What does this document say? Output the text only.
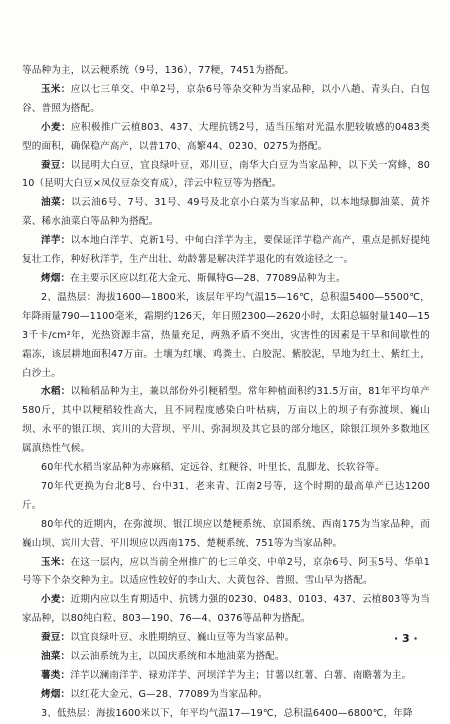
等品种为主，以云粳系统（9号，136），77粳，7451为搭配。

玉米：应以七三单交、中单2号，京杂6号等杂交种为当家品种，以小八趟、青头白、白包谷、普照为搭配。

小麦：应积极推广云植803、437、大理抗锈2号，适当压缩对光温水肥较敏感的0483类型的面积，确保稳产高产，以普170、高繁44、0230、0275为搭配。

蚕豆：以昆明大白豆，宜良绿叶豆，邓川豆，南华大白豆为当家品种，以下关一窝蜂，8010（昆明大白豆×凤仪豆杂交育成），洋云中粒豆等为搭配。

油菜：以云油6号、7号、31号、49号及北京小白菜为当家品种，以本地绿脚油菜、黄芥菜、稀水油菜白等品种为搭配。

洋芋：以本地白洋芋、克新1号、中甸白洋芋为主，要保证洋芋稳产高产，重点是抓好提纯复壮工作，种好秋洋芋，生产出壮、幼龄薯是解决洋芋退化的有效途径之一。

烤烟：在主要示区应以红花大金元、斯佩特G—28、77089品种为主。

2、温热层：海拔1600—1800米，该层年平均气温15—16℃，总积温5400—5500℃，年降雨量790—1100毫米，霜期约126天，年日照2300—2620小时，太阳总辐射量140—153千卡/cm²年，光热资源丰富，热量充足，两熟矛盾不突出，灾害性的因素是干旱和间歇性的霜冻，该层耕地面积47万亩。土壤为红壤、鸡粪土、白胶泥、紫胶泥，旱地为红土、紫红土，白沙土。

水稻：以籼稻品种为主，兼以部份外引粳稻型。常年种植面积约31.5万亩，81年平均单产580斤，其中以粳稻较性高大，且不同程度感染白叶枯病，万亩以上的坝子有弥渡坝、巍山坝、永平的银江坝、宾川的大营坝、平川、弥洞坝及其它县的部分地区，除银江坝外多数地区属滇热性气候。

60年代水稻当家品种为赤麻稻、定远谷、红粳谷、叶里长、乱脚龙、长软谷等。

70年代更换为台北8号、台中31、老来青、江南2号等，这个时期的最高单产已达1200斤。

80年代的近期内，在弥渡坝、银江坝应以楚粳系统、京国系统、西南175为当家品种，而巍山坝、宾川大营、平川坝应以西南175、楚粳系统、751等为当家品种。

玉米：在这一层内，应以当前全州推广的七三单交、中单2号，京杂6号、阿玉5号、华单1号等下个杂交种为主。以适应性较好的李山大、大黄包谷、普照、雪山早为搭配。

小麦：近期内应以生育期适中、抗锈力强的0230、0483、0103、437、云植803等为当家品种，以80纯白粒、803—190、76—4、0376等品种为搭配。

蚕豆：以宜良绿叶豆、永胜期纳豆、巍山豆等为当家品种。

油菜：以云油系统为主，以国庆系统和本地油菜为搭配。

薯类：洋芋以澜南洋芋、禄劝洋芋、河坝洋芋为主；甘薯以红薯、白薯、南瞻薯为主。

烤烟：以红花大金元、G—28、77089为当家品种。

3、低热层：海拔1600米以下，年平均气温17—19℃，总积温6400—6800℃，年降

· 3 ·
